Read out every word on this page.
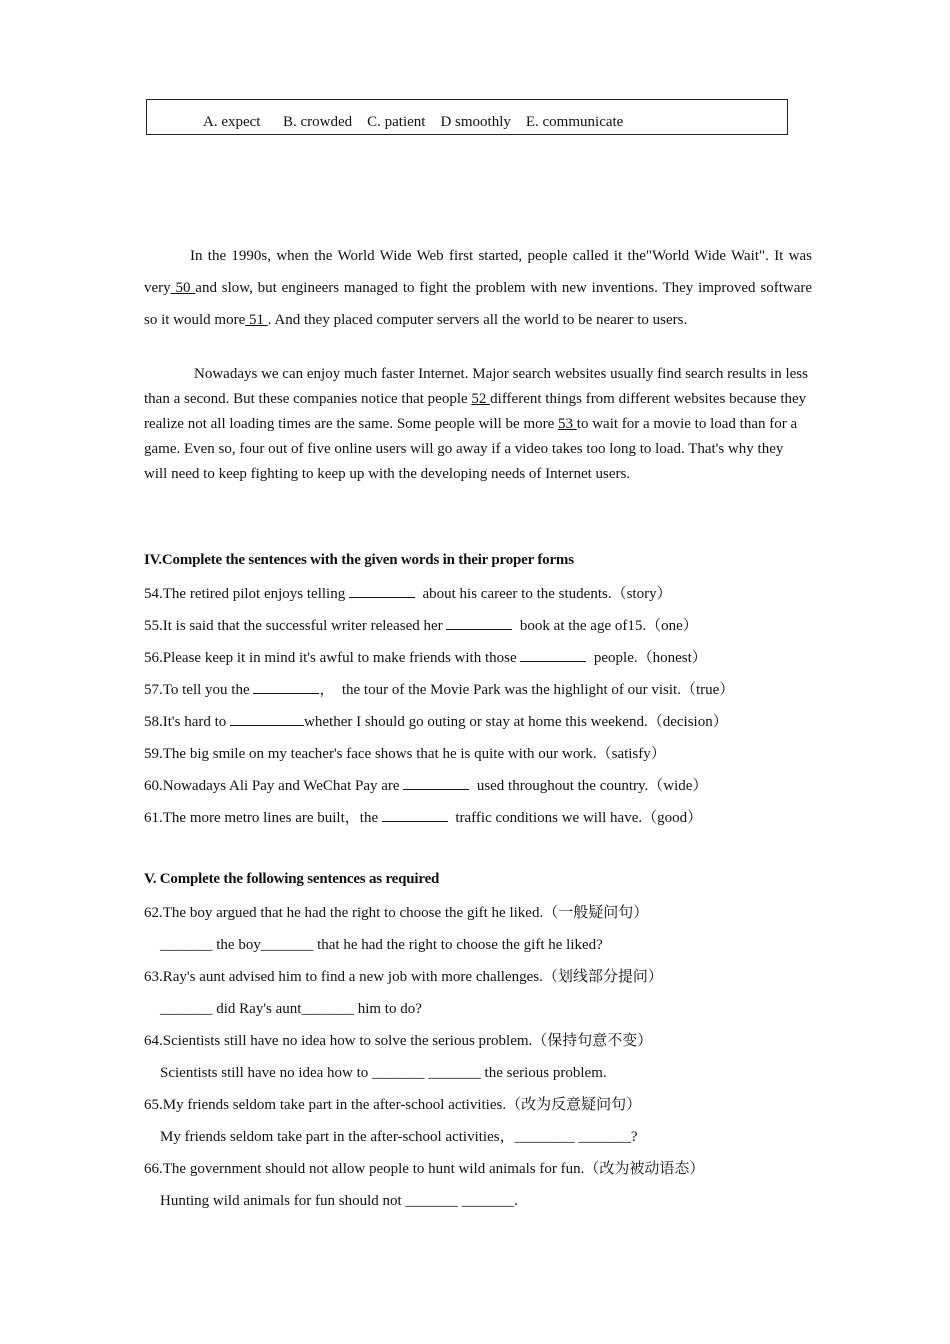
A. expect      B. crowded    C. patient    D smoothly    E. communicate
In the 1990s, when the World Wide Web first started, people called it the"World Wide Wait". It was very 50 and slow, but engineers managed to fight the problem with new inventions. They improved software so it would more 51 . And they placed computer servers all the world to be nearer to users.
Nowadays we can enjoy much faster Internet. Major search websites usually find search results in less than a second. But these companies notice that people 52 different things from different websites because they realize not all loading times are the same. Some people will be more 53 to wait for a movie to load than for a game. Even so, four out of five online users will go away if a video takes too long to load. That's why they will need to keep fighting to keep up with the developing needs of Internet users.
IV.Complete the sentences with the given words in their proper forms
54.The retired pilot enjoys telling	about his career to the students.（story）
55.It is said that the successful writer released her	book at the age of15.（one）
56.Please keep it in mind it's awful to make friends with those	people.（honest）
57.To tell you the	，  the tour of the Movie Park was the highlight of our visit.（true）
58.It's hard to	whether I should go outing or stay at home this weekend.（decision）
59.The big smile on my teacher's face shows that he is quite with our work.（satisfy）
60.Nowadays Ali Pay and WeChat Pay are	used throughout the country.（wide）
61.The more metro lines are built，the	traffic conditions we will have.（good）
V. Complete the following sentences as required
62.The boy argued that he had the right to choose the gift he liked.（一般疑问句）
_______ the boy_______ that he had the right to choose the gift he liked?
63.Ray's aunt advised him to find a new job with more challenges.（划线部分提问）
_______ did Ray's aunt_______ him to do?
64.Scientists still have no idea how to solve the serious problem.（保持句意不变）
Scientists still have no idea how to _______ _______ the serious problem.
65.My friends seldom take part in the after-school activities.（改为反意疑问句）
My friends seldom take part in the after-school activities，________ _______?
66.The government should not allow people to hunt wild animals for fun.（改为被动语态）
Hunting wild animals for fun should not _______ _______.
